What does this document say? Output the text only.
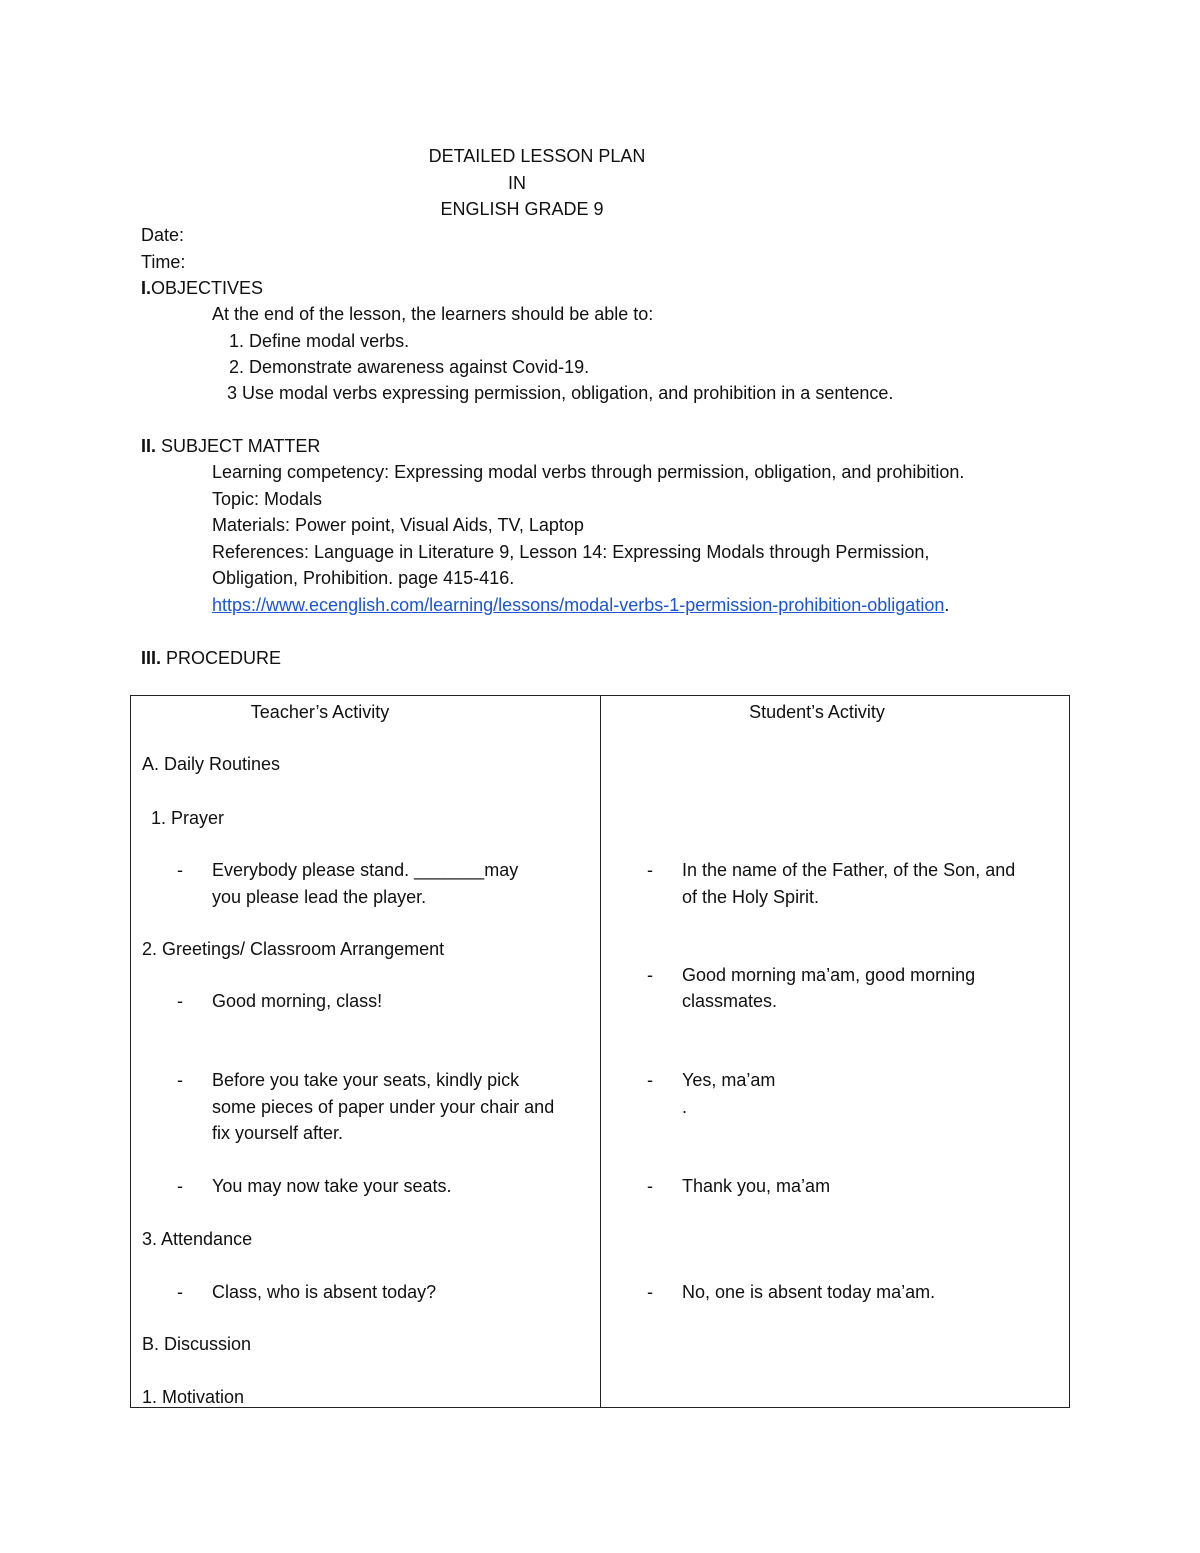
DETAILED LESSON PLAN
IN
ENGLISH GRADE 9
Date:
Time:
I.OBJECTIVES
At the end of the lesson, the learners should be able to:
1. Define modal verbs.
2. Demonstrate awareness against Covid-19.
3 Use modal verbs expressing permission, obligation, and prohibition in a sentence.
II. SUBJECT MATTER
Learning competency: Expressing modal verbs through permission, obligation, and prohibition.
Topic: Modals
Materials: Power point, Visual Aids, TV, Laptop
References: Language in Literature 9, Lesson 14: Expressing Modals through Permission,
Obligation, Prohibition. page 415-416.
https://www.ecenglish.com/learning/lessons/modal-verbs-1-permission-prohibition-obligation.
III. PROCEDURE
Teacher’s Activity
A. Daily Routines
1. Prayer
- Everybody please stand. _______may
you please lead the player.
2. Greetings/ Classroom Arrangement
- Good morning, class!
- Before you take your seats, kindly pick
some pieces of paper under your chair and
fix yourself after.
- You may now take your seats.
3. Attendance
- Class, who is absent today?
B. Discussion
1. Motivation
Student’s Activity
- In the name of the Father, of the Son, and
of the Holy Spirit.
- Good morning ma’am, good morning
classmates.
- Yes, ma’am
.
- Thank you, ma’am
- No, one is absent today ma’am.
